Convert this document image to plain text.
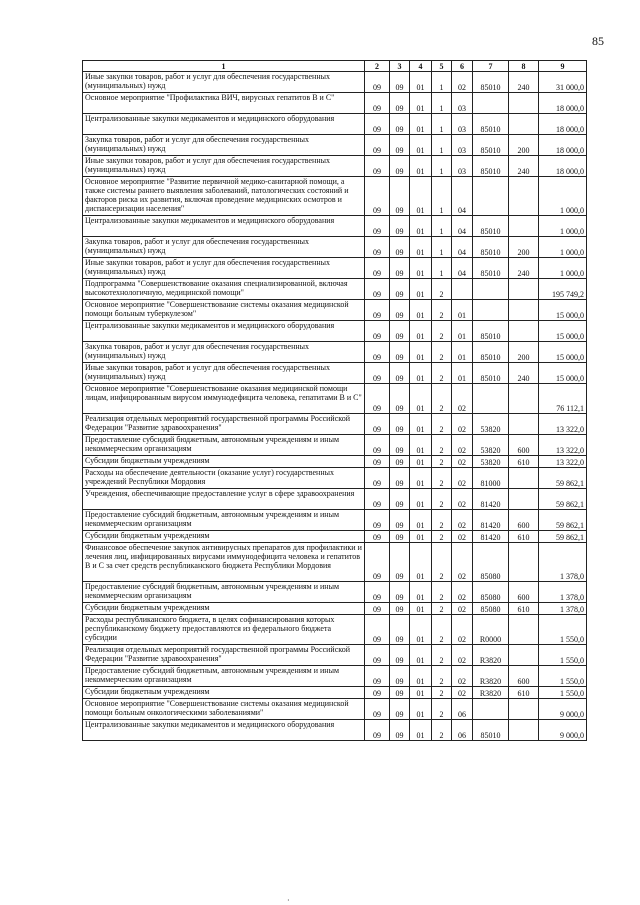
85
1	2	3	4	5	6	7	8	9
Иные закупки товаров, работ и услуг для обеспечения государственных (муниципальных) нужд	09	09	01	1	02	85010	240	31 000,0
Основное мероприятие "Профилактика ВИЧ, вирусных гепатитов В и С"	09	09	01	1	03			18 000,0
Централизованные закупки медикаментов и медицинского оборудования	09	09	01	1	03	85010		18 000,0
Закупка товаров, работ и услуг для обеспечения государственных (муниципальных) нужд	09	09	01	1	03	85010	200	18 000,0
Иные закупки товаров, работ и услуг для обеспечения государственных (муниципальных) нужд	09	09	01	1	03	85010	240	18 000,0
Основное мероприятие "Развитие первичной медико-санитарной помощи, а также системы раннего выявления заболеваний, патологических состояний и факторов риска их развития, включая проведение медицинских осмотров и диспансеризации населения"	09	09	01	1	04			1 000,0
Централизованные закупки медикаментов и медицинского оборудования	09	09	01	1	04	85010		1 000,0
Закупка товаров, работ и услуг для обеспечения государственных (муниципальных) нужд	09	09	01	1	04	85010	200	1 000,0
Иные закупки товаров, работ и услуг для обеспечения государственных (муниципальных) нужд	09	09	01	1	04	85010	240	1 000,0
Подпрограмма "Совершенствование оказания специализированной, включая высокотехнологичную, медицинской помощи"	09	09	01	2				195 749,2
Основное мероприятие "Совершенствование системы оказания медицинской помощи больным туберкулезом"	09	09	01	2	01			15 000,0
Централизованные закупки медикаментов и медицинского оборудования	09	09	01	2	01	85010		15 000,0
Закупка товаров, работ и услуг для обеспечения государственных (муниципальных) нужд	09	09	01	2	01	85010	200	15 000,0
Иные закупки товаров, работ и услуг для обеспечения государственных (муниципальных) нужд	09	09	01	2	01	85010	240	15 000,0
Основное мероприятие "Совершенствование оказания медицинской помощи лицам, инфицированным вирусом иммунодефицита человека, гепатитами В и С"	09	09	01	2	02			76 112,1
Реализация отдельных мероприятий государственной программы Российской Федерации "Развитие здравоохранения"	09	09	01	2	02	53820		13 322,0
Предоставление субсидий бюджетным, автономным учреждениям и иным некоммерческим организациям	09	09	01	2	02	53820	600	13 322,0
Субсидии бюджетным учреждениям	09	09	01	2	02	53820	610	13 322,0
Расходы на обеспечение деятельности (оказание услуг) государственных учреждений Республики Мордовия	09	09	01	2	02	81000		59 862,1
Учреждения, обеспечивающие предоставление услуг в сфере здравоохранения	09	09	01	2	02	81420		59 862,1
Предоставление субсидий бюджетным, автономным учреждениям и иным некоммерческим организациям	09	09	01	2	02	81420	600	59 862,1
Субсидии бюджетным учреждениям	09	09	01	2	02	81420	610	59 862,1
Финансовое обеспечение закупок антивирусных препаратов для профилактики и лечения лиц, инфицированных вирусами иммунодефицита человека и гепатитов В и С за счет средств республиканского бюджета Республики Мордовия	09	09	01	2	02	85080		1 378,0
Предоставление субсидий бюджетным, автономным учреждениям и иным некоммерческим организациям	09	09	01	2	02	85080	600	1 378,0
Субсидии бюджетным учреждениям	09	09	01	2	02	85080	610	1 378,0
Расходы республиканского бюджета, в целях софинансирования которых республиканскому бюджету предоставляются из федерального бюджета субсидии	09	09	01	2	02	R0000		1 550,0
Реализация отдельных мероприятий государственной программы Российской Федерации "Развитие здравоохранения"	09	09	01	2	02	R3820		1 550,0
Предоставление субсидий бюджетным, автономным учреждениям и иным некоммерческим организациям	09	09	01	2	02	R3820	600	1 550,0
Субсидии бюджетным учреждениям	09	09	01	2	02	R3820	610	1 550,0
Основное мероприятие "Совершенствование системы оказания медицинской помощи больным онкологическими заболеваниями"	09	09	01	2	06			9 000,0
Централизованные закупки медикаментов и медицинского оборудования	09	09	01	2	06	85010		9 000,0
·
